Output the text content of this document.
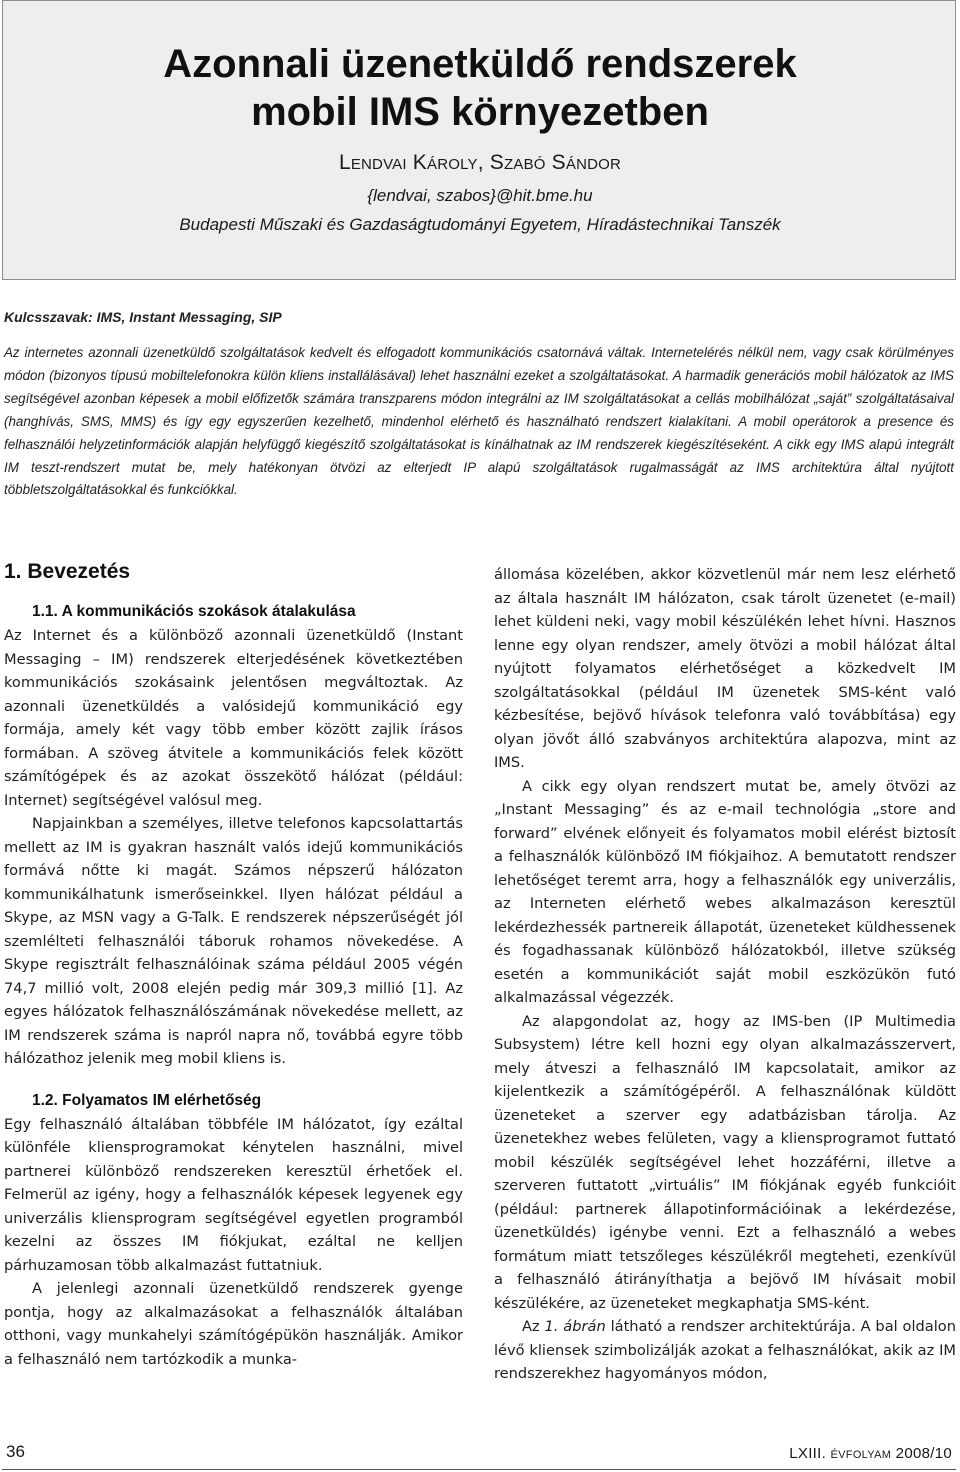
Azonnali üzenetküldő rendszerek
mobil IMS környezetben
Lendvai Károly, Szabó Sándor
{lendvai, szabos}@hit.bme.hu
Budapesti Műszaki és Gazdaságtudományi Egyetem, Híradástechnikai Tanszék
Kulcsszavak: IMS, Instant Messaging, SIP

Az internetes azonnali üzenetküldő szolgáltatások kedvelt és elfogadott kommunikációs csatornává váltak. Internetelérés nélkül nem, vagy csak körülményes módon (bizonyos típusú mobiltelefonokra külön kliens installálásával) lehet használni ezeket a szolgáltatásokat. A harmadik generációs mobil hálózatok az IMS segítségével azonban képesek a mobil előfizetők számára transzparens módon integrálni az IM szolgáltatásokat a cellás mobilhálózat „saját” szolgáltatásaival (hanghívás, SMS, MMS) és így egy egyszerűen kezelhető, mindenhol elérhető és használható rendszert kialakítani. A mobil operátorok a presence és felhasználói helyzetinformációk alapján helyfüggő kiegészítő szolgáltatásokat is kínálhatnak az IM rendszerek kiegészítéseként. A cikk egy IMS alapú integrált IM teszt-rendszert mutat be, mely hatékonyan ötvözi az elterjedt IP alapú szolgáltatások rugalmasságát az IMS architektúra által nyújtott többletszolgáltatásokkal és funkciókkal.

1. Bevezetés
1.1. A kommunikációs szokások átalakulása

Az Internet és a különböző azonnali üzenetküldő (Instant Messaging – IM) rendszerek elterjedésének következtében kommunikációs szokásaink jelentősen megváltoztak. Az azonnali üzenetküldés a valósidejű kommunikáció egy formája, amely két vagy több ember között zajlik írásos formában. A szöveg átvitele a kommunikációs felek között számítógépek és az azokat összekötő hálózat (például: Internet) segítségével valósul meg.

Napjainkban a személyes, illetve telefonos kapcsolattartás mellett az IM is gyakran használt valós idejű kommunikációs formává nőtte ki magát. Számos népszerű hálózaton kommunikálhatunk ismerőseinkkel. Ilyen hálózat például a Skype, az MSN vagy a G-Talk. E rendszerek népszerűségét jól szemlélteti felhasználói táboruk rohamos növekedése. A Skype regisztrált felhasználóinak száma például 2005 végén 74,7 millió volt, 2008 elején pedig már 309,3 millió [1]. Az egyes hálózatok felhasználószámának növekedése mellett, az IM rendszerek száma is napról napra nő, továbbá egyre több hálózathoz jelenik meg mobil kliens is.

1.2. Folyamatos IM elérhetőség

Egy felhasználó általában többféle IM hálózatot, így ezáltal különféle kliensprogramokat kénytelen használni, mivel partnerei különböző rendszereken keresztül érhetőek el. Felmerül az igény, hogy a felhasználók képesek legyenek egy univerzális kliensprogram segítségével egyetlen programból kezelni az összes IM fiókjukat, ezáltal ne kelljen párhuzamosan több alkalmazást futtatniuk.

A jelenlegi azonnali üzenetküldő rendszerek gyenge pontja, hogy az alkalmazásokat a felhasználók általában otthoni, vagy munkahelyi számítógépükön használják. Amikor a felhasználó nem tartózkodik a munka-

állomása közelében, akkor közvetlenül már nem lesz elérhető az általa használt IM hálózaton, csak tárolt üzenetet (e-mail) lehet küldeni neki, vagy mobil készülékén lehet hívni. Hasznos lenne egy olyan rendszer, amely ötvözi a mobil hálózat által nyújtott folyamatos elérhetőséget a közkedvelt IM szolgáltatásokkal (például IM üzenetek SMS-ként való kézbesítése, bejövő hívások telefonra való továbbítása) egy olyan jövőt álló szabványos architektúra alapozva, mint az IMS.

A cikk egy olyan rendszert mutat be, amely ötvözi az „Instant Messaging” és az e-mail technológia „store and forward” elvének előnyeit és folyamatos mobil elérést biztosít a felhasználók különböző IM fiókjaihoz. A bemutatott rendszer lehetőséget teremt arra, hogy a felhasználók egy univerzális, az Interneten elérhető webes alkalmazáson keresztül lekérdezhessék partnereik állapotát, üzeneteket küldhessenek és fogadhassanak különböző hálózatokból, illetve szükség esetén a kommunikációt saját mobil eszközükön futó alkalmazással végezzék.

Az alapgondolat az, hogy az IMS-ben (IP Multimedia Subsystem) létre kell hozni egy olyan alkalmazásszervert, mely átveszi a felhasználó IM kapcsolatait, amikor az kijelentkezik a számítógépéről. A felhasználónak küldött üzeneteket a szerver egy adatbázisban tárolja. Az üzenetekhez webes felületen, vagy a kliensprogramot futtató mobil készülék segítségével lehet hozzáférni, illetve a szerveren futtatott „virtuális” IM fiókjának egyéb funkcióit (például: partnerek állapotinformációinak a lekérdezése, üzenetküldés) igénybe venni. Ezt a felhasználó a webes formátum miatt tetszőleges készülékről megteheti, ezenkívül a felhasználó átirányíthatja a bejövő IM hívásait mobil készülékére, az üzeneteket megkaphatja SMS-ként.

Az 1. ábrán látható a rendszer architektúrája. A bal oldalon lévő kliensek szimbolizálják azokat a felhasználókat, akik az IM rendszerekhez hagyományos módon,

36	LXIII. évfolyam 2008/10
